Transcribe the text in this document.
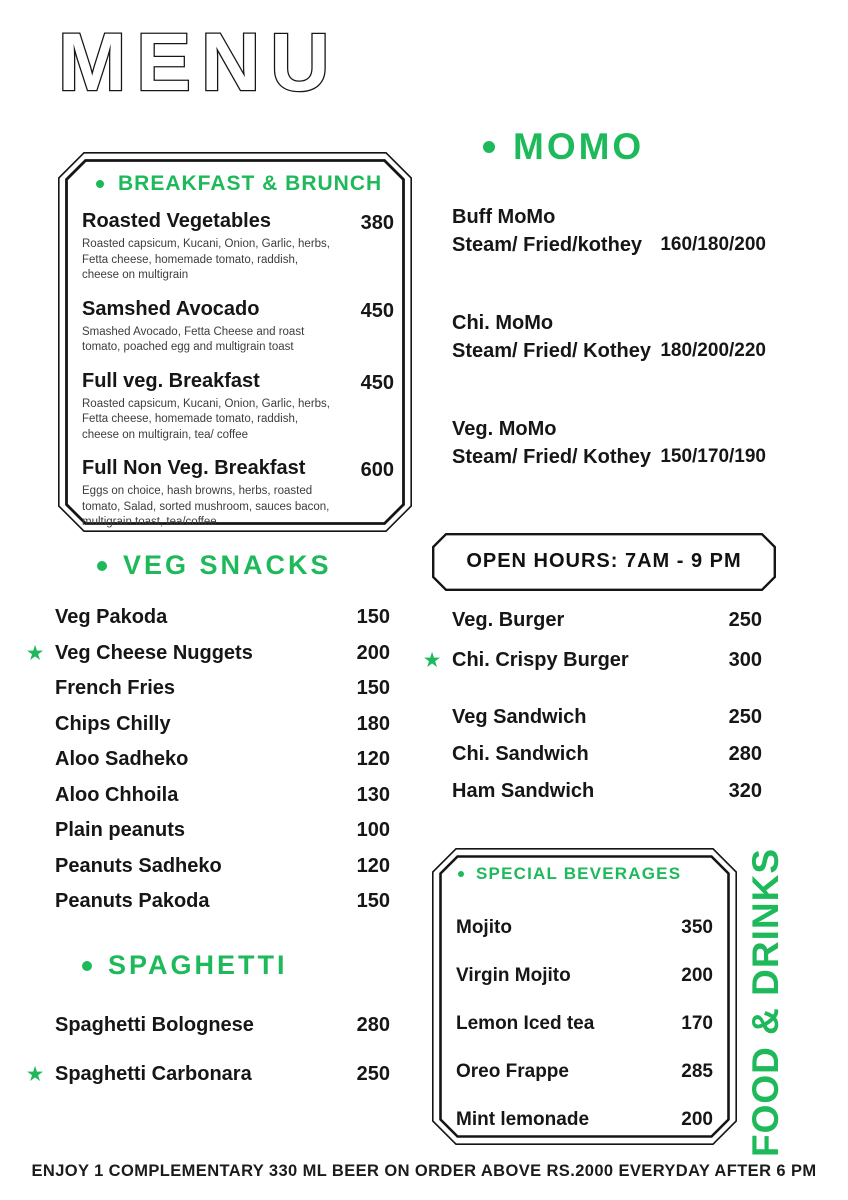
MENU
BREAKFAST & BRUNCH
Roasted Vegetables
Roasted capsicum, Kucani, Onion, Garlic, herbs, Fetta cheese, homemade tomato, raddish, cheese on multigrain
380
Samshed Avocado
Smashed Avocado, Fetta Cheese and roast tomato, poached egg and multigrain toast
450
Full veg. Breakfast
Roasted capsicum, Kucani, Onion, Garlic, herbs, Fetta cheese, homemade tomato, raddish, cheese on multigrain, tea/ coffee
450
Full Non Veg. Breakfast
Eggs on choice, hash browns, herbs, roasted tomato, Salad, sorted mushroom, sauces bacon, multigrain toast, tea/coffee
600
MOMO
Buff MoMo
Steam/ Fried/kothey 160/180/200
Chi. MoMo
Steam/ Fried/ Kothey 180/200/220
Veg. MoMo
Steam/ Fried/ Kothey 150/170/190
VEG SNACKS
Veg Pakoda	150
★ Veg Cheese Nuggets	200
French Fries	150
Chips Chilly	180
Aloo Sadheko	120
Aloo Chhoila	130
Plain peanuts	100
Peanuts Sadheko	120
Peanuts Pakoda	150
OPEN HOURS: 7AM - 9 PM
Veg. Burger	250
★ Chi. Crispy Burger	300
Veg Sandwich	250
Chi. Sandwich	280
Ham Sandwich	320
SPAGHETTI
Spaghetti Bolognese	280
★ Spaghetti Carbonara	250
SPECIAL BEVERAGES
Mojito	350
Virgin Mojito	200
Lemon Iced tea	170
Oreo Frappe	285
Mint lemonade	200 FOOD & DRINKS
ENJOY 1 COMPLEMENTARY 330 ML BEER ON ORDER ABOVE RS.2000 EVERYDAY AFTER 6 PM
